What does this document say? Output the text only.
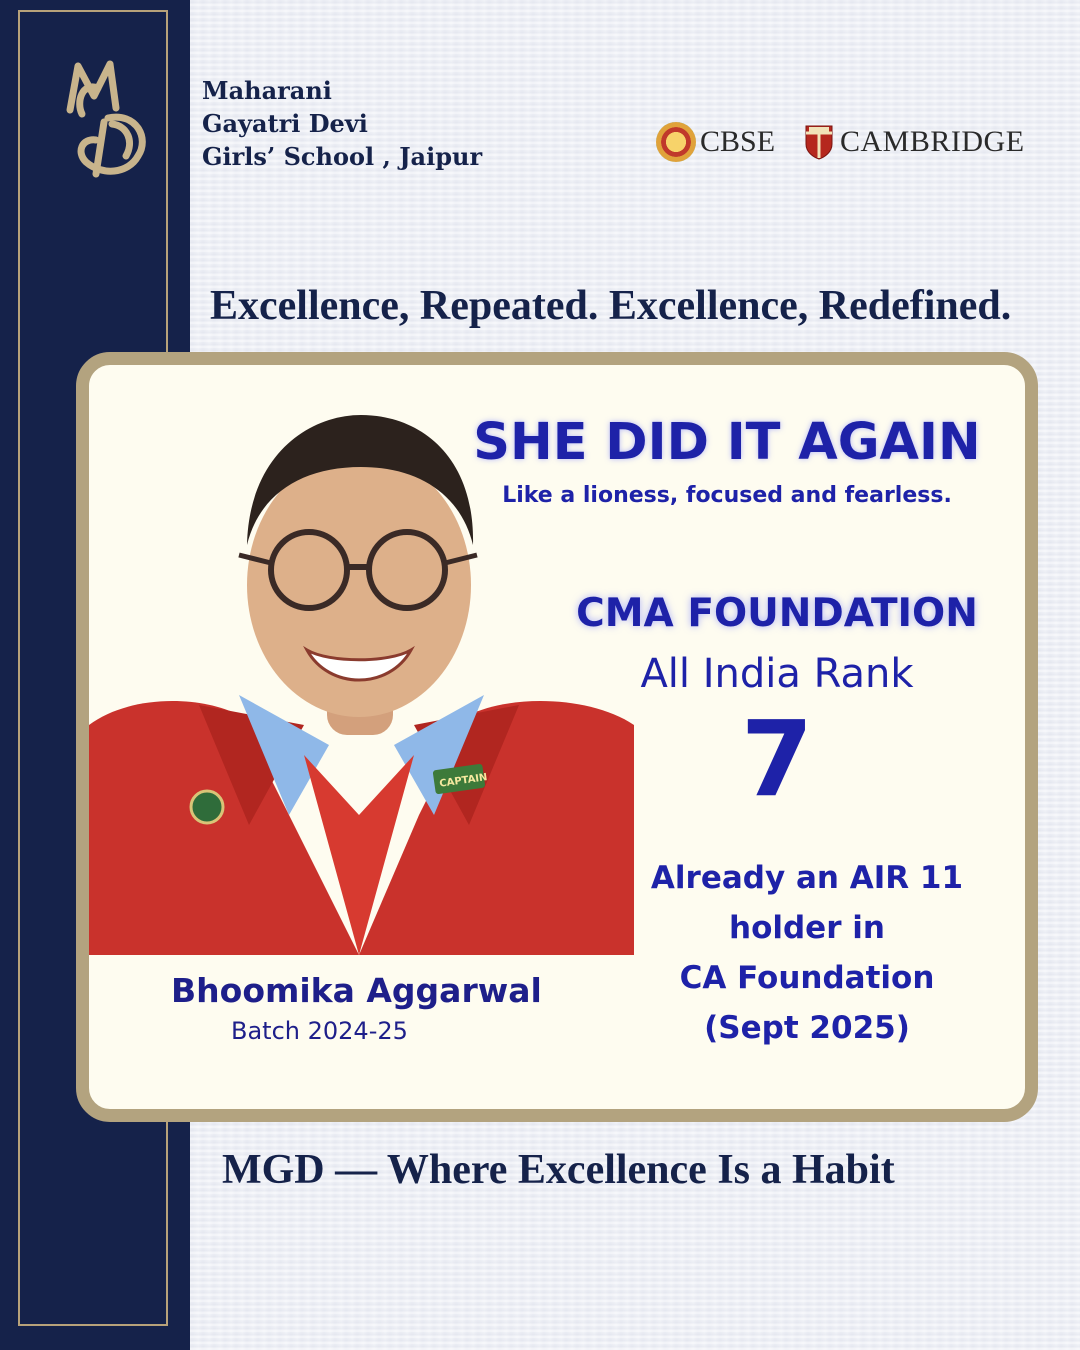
Maharani
Gayatri Devi
Girls’ School , Jaipur	CBSE CAMBRIDGE
Excellence, Repeated. Excellence, Redefined.
CAPTAIN
SHE DID IT AGAIN
Like a lioness, focused and fearless.
CMA FOUNDATION
All India Rank
7
Already an AIR 11
holder in
CA Foundation
(Sept 2025)
Bhoomika Aggarwal
Batch 2024-25
MGD — Where Excellence Is a Habit
